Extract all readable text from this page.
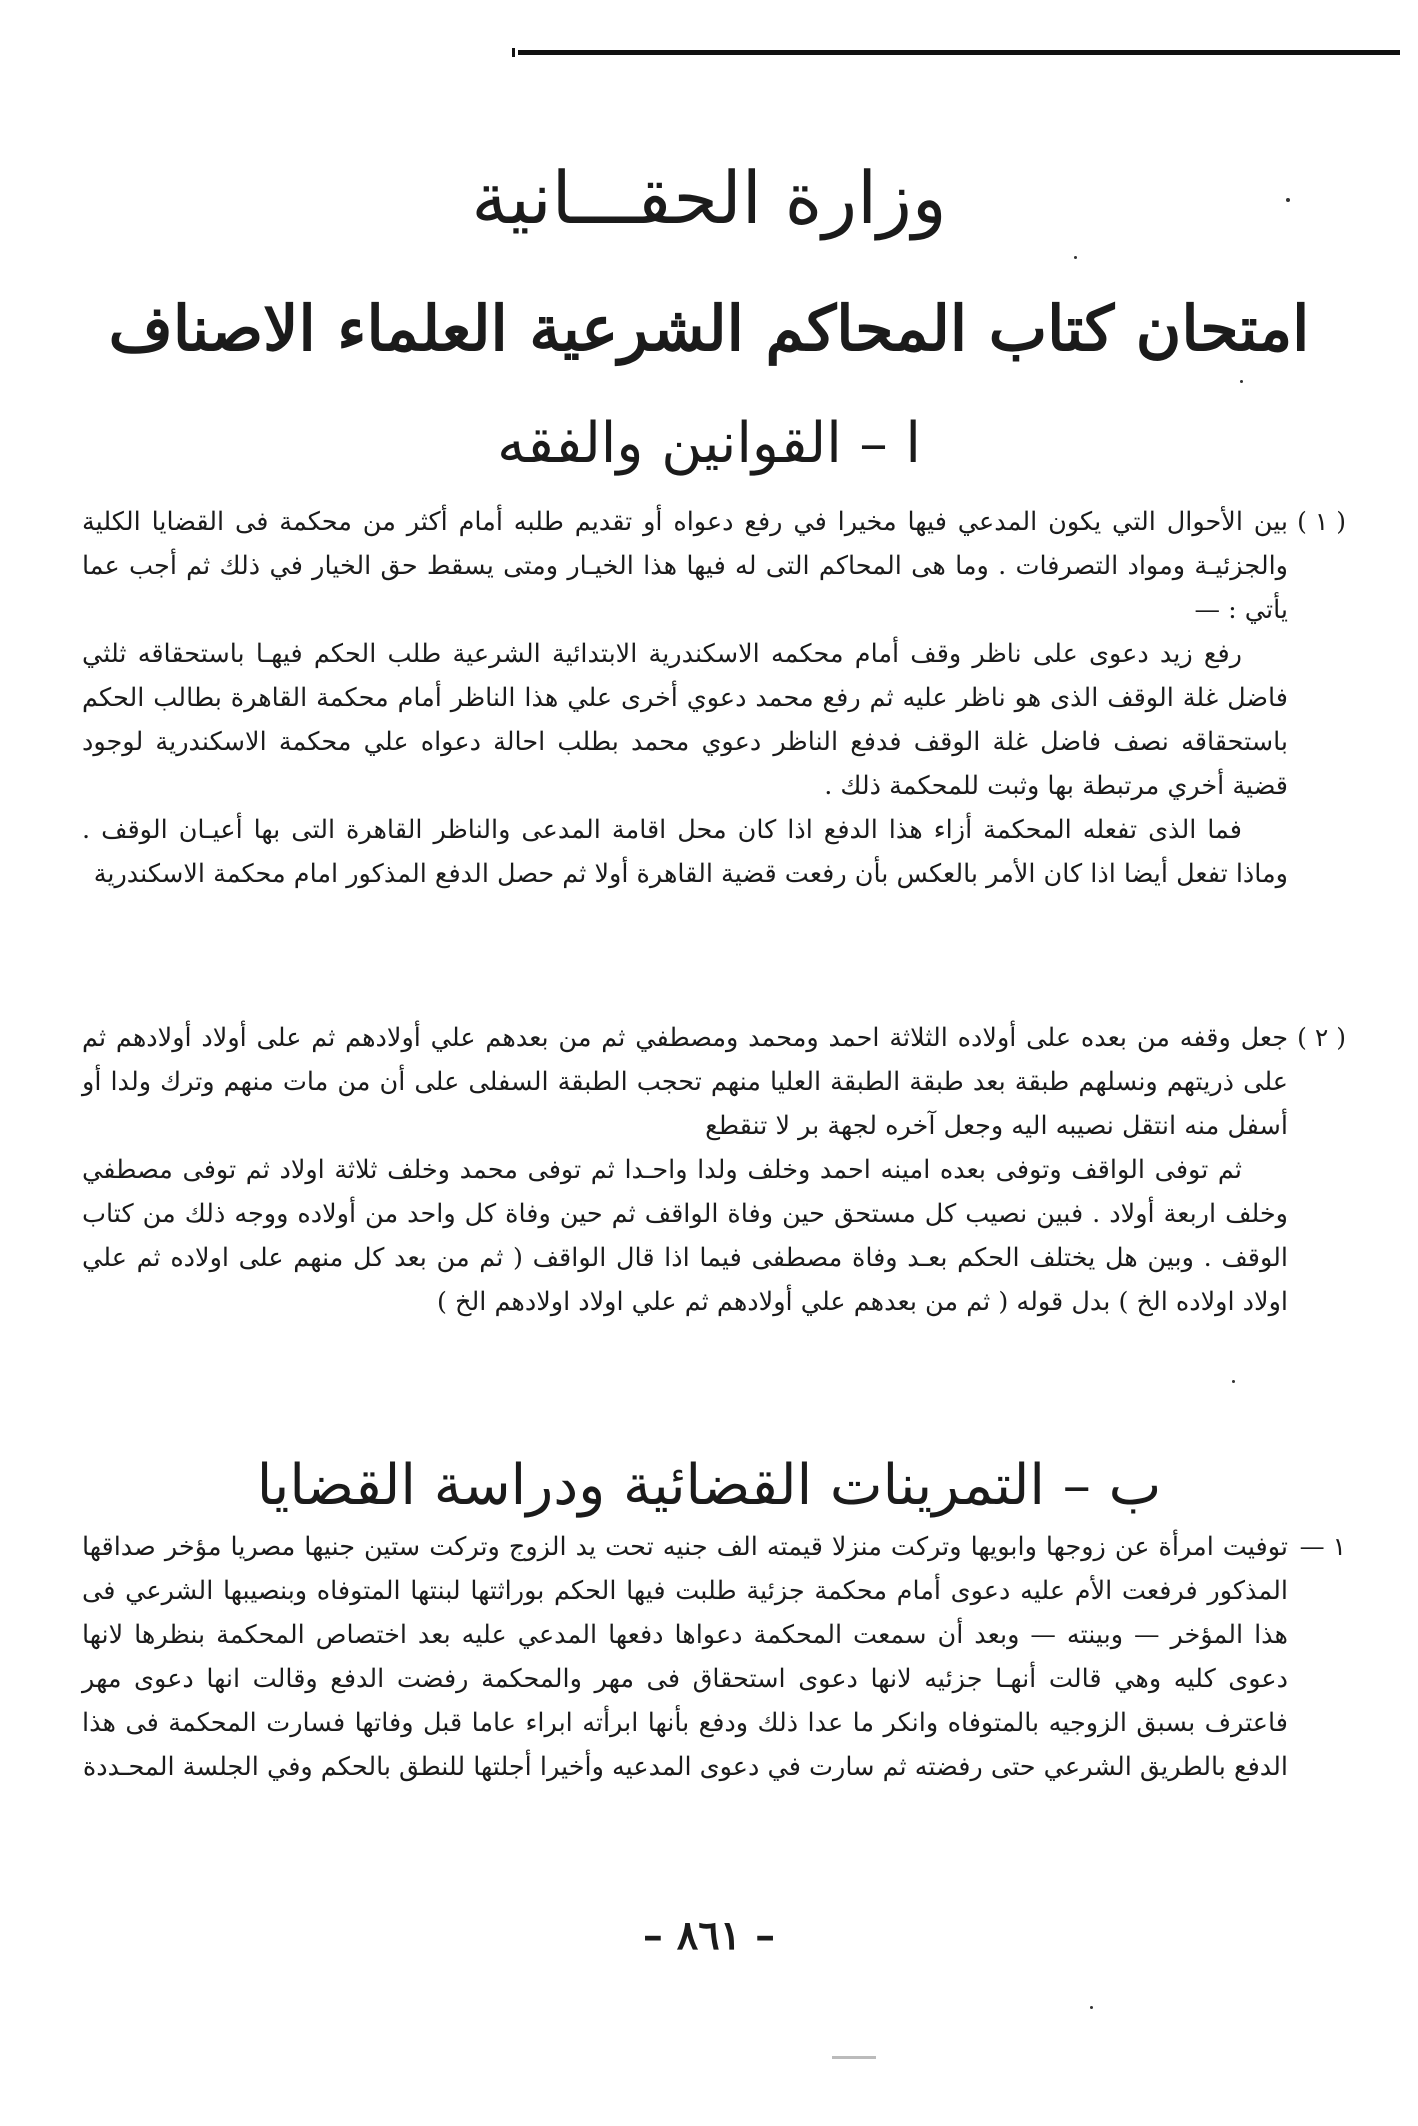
وزارة الحقـــانية
امتحان كتاب المحاكم الشرعية العلماء الاصناف
ا – القوانين والفقه
( ١ )

بين الأحوال التي يكون المدعي فيها مخيرا في رفع دعواه أو تقديم طلبه أمام أكثر من محكمة فى القضايا الكلية والجزئيـة ومواد التصرفات . وما هى المحاكم التى له فيها هذا الخيـار ومتى يسقط حق الخيار في ذلك ثم أجب عما يأتي : —

رفع زيد دعوى على ناظر وقف أمام محكمه الاسكندرية الابتدائية الشرعية طلب الحكم فيهـا باستحقاقه ثلثي فاضل غلة الوقف الذى هو ناظر عليه ثم رفع محمد دعوي أخرى علي هذا الناظر أمام محكمة القاهرة بطالب الحكم باستحقاقه نصف فاضل غلة الوقف فدفع الناظر دعوي محمد بطلب احالة دعواه علي محكمة الاسكندرية لوجود قضية أخري مرتبطة بها وثبت للمحكمة ذلك .

فما الذى تفعله المحكمة أزاء هذا الدفع اذا كان محل اقامة المدعى والناظر القاهرة التى بها أعيـان الوقف . وماذا تفعل أيضا اذا كان الأمر بالعكس بأن رفعت قضية القاهرة أولا ثم حصل الدفع المذكور امام محكمة الاسكندرية

( ٢ )

جعل وقفه من بعده على أولاده الثلاثة احمد ومحمد ومصطفي ثم من بعدهم علي أولادهم ثم على أولاد أولادهم ثم على ذريتهم ونسلهم طبقة بعد طبقة الطبقة العليا منهم تحجب الطبقة السفلى على أن من مات منهم وترك ولدا أو أسفل منه انتقل نصيبه اليه وجعل آخره لجهة بر لا تنقطع

ثم توفى الواقف وتوفى بعده امينه احمد وخلف ولدا واحـدا ثم توفى محمد وخلف ثلاثة اولاد ثم توفى مصطفي وخلف اربعة أولاد . فبين نصيب كل مستحق حين وفاة الواقف ثم حين وفاة كل واحد من أولاده ووجه ذلك من كتاب الوقف . وبين هل يختلف الحكم بعـد وفاة مصطفى فيما اذا قال الواقف ( ثم من بعد كل منهم على اولاده ثم علي اولاد اولاده الخ ) بدل قوله ( ثم من بعدهم علي أولادهم ثم علي اولاد اولادهم الخ )

ب – التمرينات القضائية ودراسة القضايا
١ —

توفيت امرأة عن زوجها وابويها وتركت منزلا قيمته الف جنيه تحت يد الزوج وتركت ستين جنيها مصريا مؤخر صداقها المذكور فرفعت الأم عليه دعوى أمام محكمة جزئية طلبت فيها الحكم بوراثتها لبنتها المتوفاه وبنصيبها الشرعي فى هذا المؤخر — وبينته — وبعد أن سمعت المحكمة دعواها دفعها المدعي عليه بعد اختصاص المحكمة بنظرها لانها دعوى كليه وهي قالت أنهـا جزئيه لانها دعوى استحقاق فى مهر والمحكمة رفضت الدفع وقالت انها دعوى مهر فاعترف بسبق الزوجيه بالمتوفاه وانكر ما عدا ذلك ودفع بأنها ابرأته ابراء عاما قبل وفاتها فسارت المحكمة فى هذا الدفع بالطريق الشرعي حتى رفضته ثم سارت في دعوى المدعيه وأخيرا أجلتها للنطق بالحكم وفي الجلسة المحـددة

– ٨٦١ –
